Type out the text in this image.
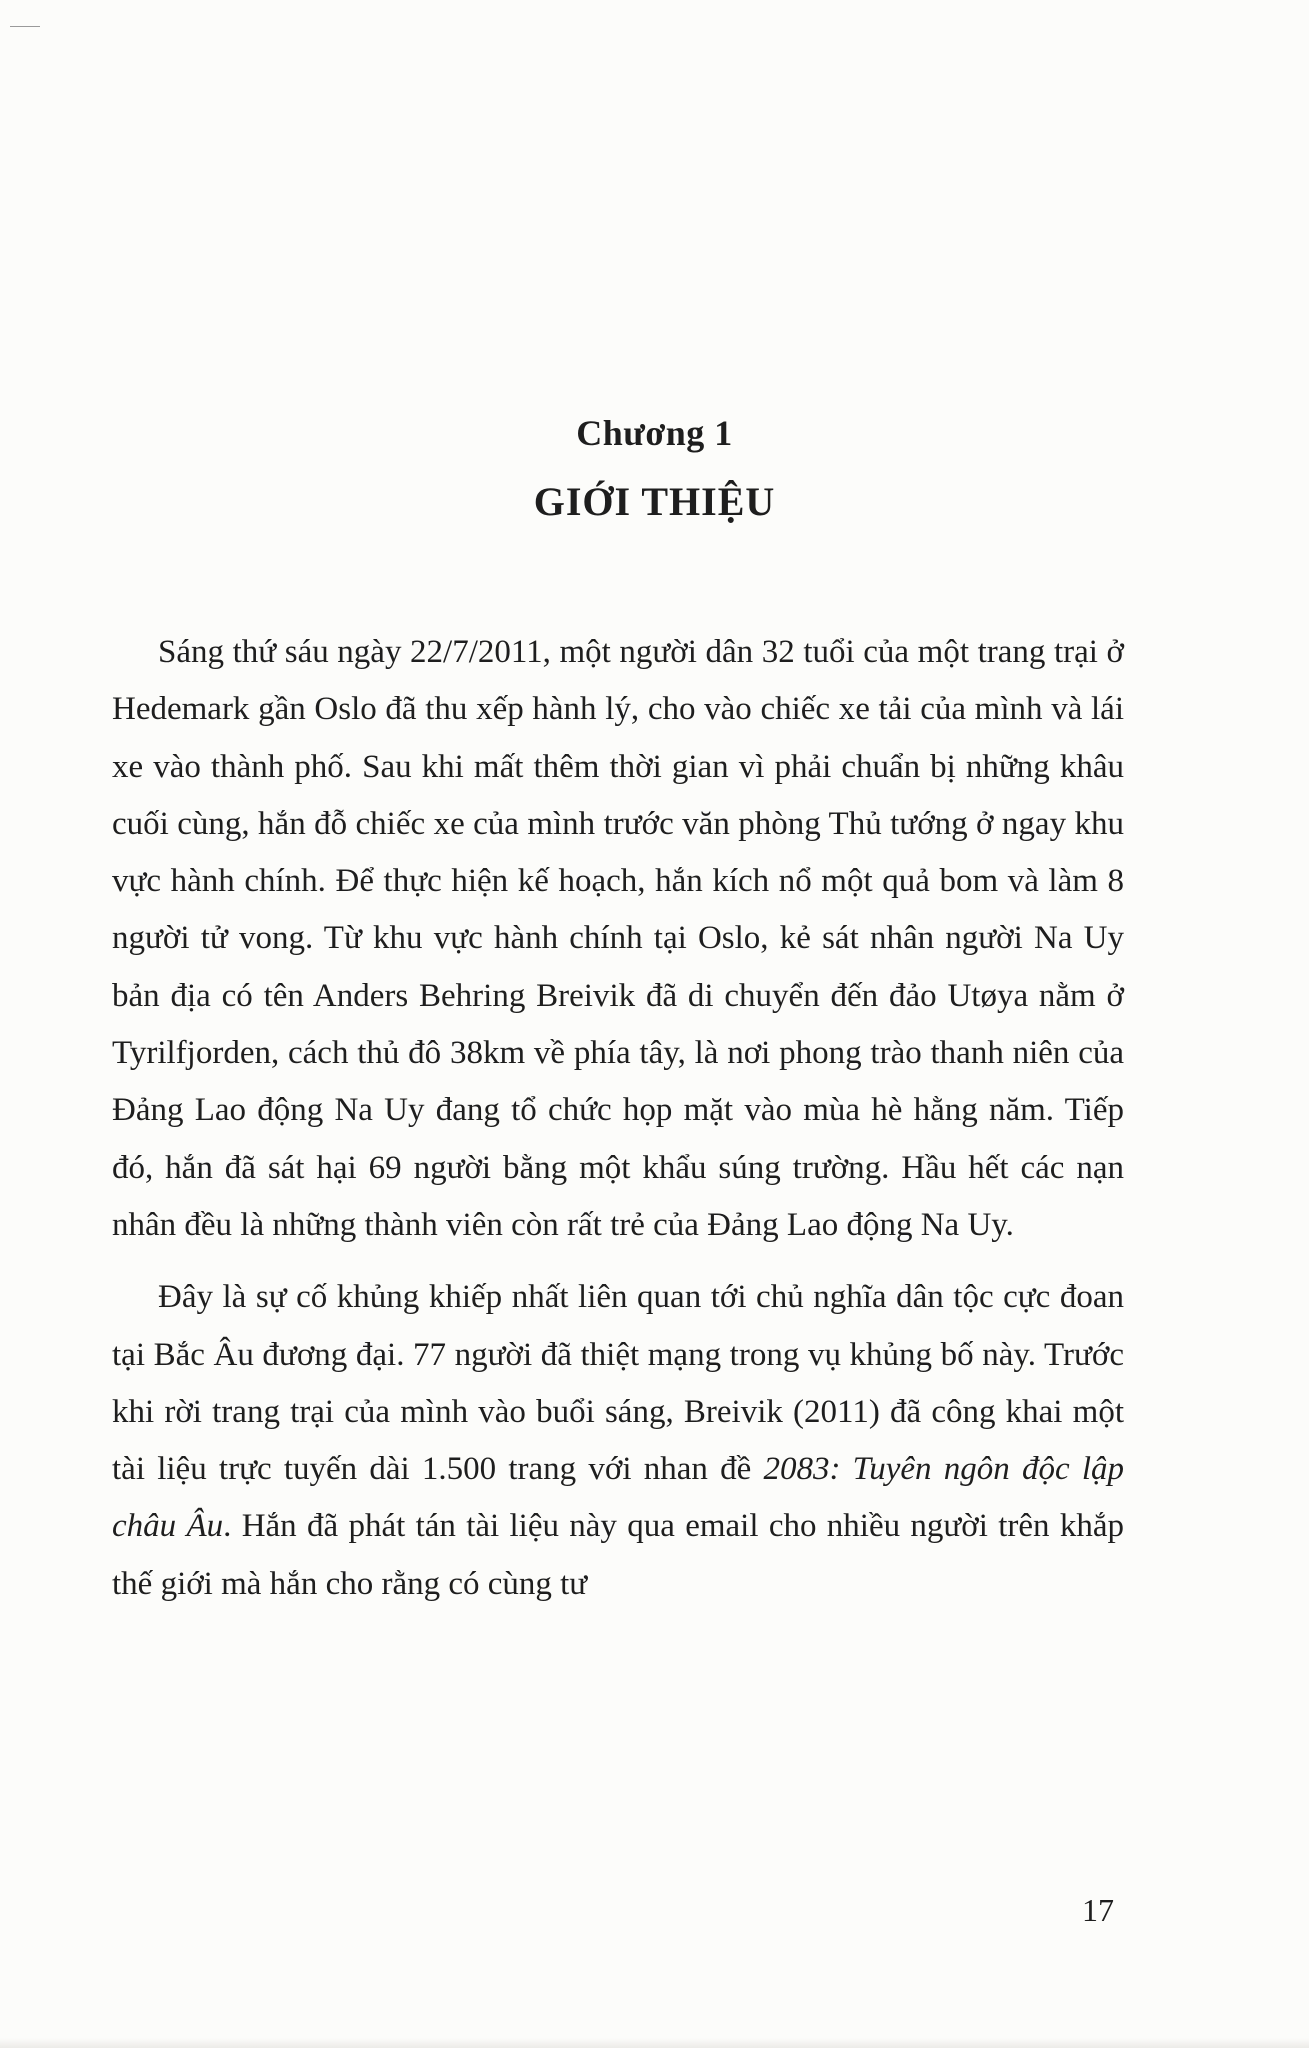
Chương 1
GIỚI THIỆU

Sáng thứ sáu ngày 22/7/2011, một người dân 32 tuổi của một trang trại ở Hedemark gần Oslo đã thu xếp hành lý, cho vào chiếc xe tải của mình và lái xe vào thành phố. Sau khi mất thêm thời gian vì phải chuẩn bị những khâu cuối cùng, hắn đỗ chiếc xe của mình trước văn phòng Thủ tướng ở ngay khu vực hành chính. Để thực hiện kế hoạch, hắn kích nổ một quả bom và làm 8 người tử vong. Từ khu vực hành chính tại Oslo, kẻ sát nhân người Na Uy bản địa có tên Anders Behring Breivik đã di chuyển đến đảo Utøya nằm ở Tyrilfjorden, cách thủ đô 38km về phía tây, là nơi phong trào thanh niên của Đảng Lao động Na Uy đang tổ chức họp mặt vào mùa hè hằng năm. Tiếp đó, hắn đã sát hại 69 người bằng một khẩu súng trường. Hầu hết các nạn nhân đều là những thành viên còn rất trẻ của Đảng Lao động Na Uy.

Đây là sự cố khủng khiếp nhất liên quan tới chủ nghĩa dân tộc cực đoan tại Bắc Âu đương đại. 77 người đã thiệt mạng trong vụ khủng bố này. Trước khi rời trang trại của mình vào buổi sáng, Breivik (2011) đã công khai một tài liệu trực tuyến dài 1.500 trang với nhan đề 2083: Tuyên ngôn độc lập châu Âu. Hắn đã phát tán tài liệu này qua email cho nhiều người trên khắp thế giới mà hắn cho rằng có cùng tư

17
